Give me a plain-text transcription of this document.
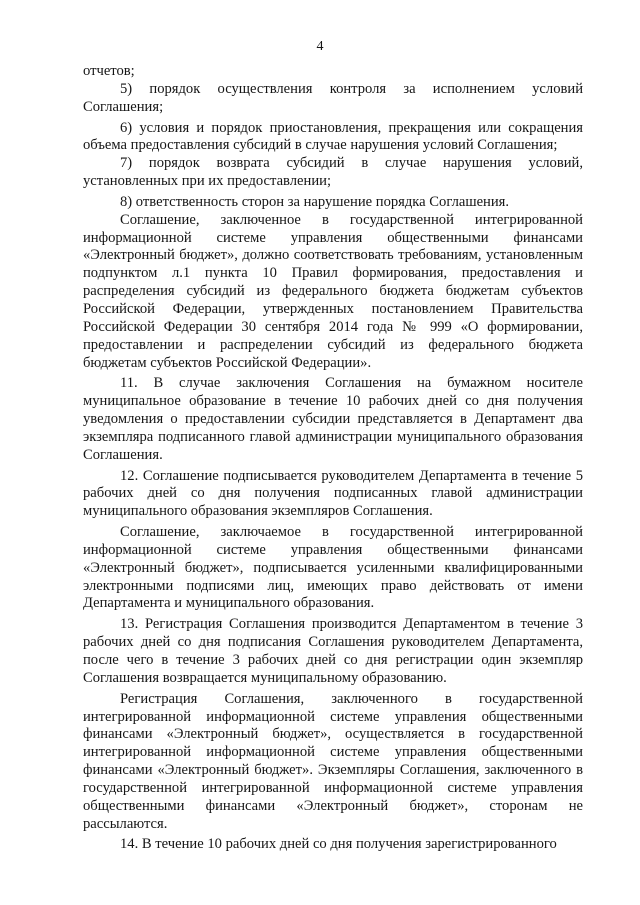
4

отчетов;

5) порядок осуществления контроля за исполнением условий Соглашения;

6) условия и порядок приостановления, прекращения или сокращения объема предоставления субсидий в случае нарушения условий Соглашения;

7) порядок возврата субсидий в случае нарушения условий, установленных при их предоставлении;

8) ответственность сторон за нарушение порядка Соглашения.

Соглашение, заключенное в государственной интегрированной информационной системе управления общественными финансами «Электронный бюджет», должно соответствовать требованиям, установленным подпунктом л.1 пункта 10 Правил формирования, предоставления и распределения субсидий из федерального бюджета бюджетам субъектов Российской Федерации, утвержденных постановлением Правительства Российской Федерации 30 сентября 2014 года № 999 «О формировании, предоставлении и распределении субсидий из федерального бюджета бюджетам субъектов Российской Федерации».

11. В случае заключения Соглашения на бумажном носителе муниципальное образование в течение 10 рабочих дней со дня получения уведомления о предоставлении субсидии представляется в Департамент два экземпляра подписанного главой администрации муниципального образования Соглашения.

12. Соглашение подписывается руководителем Департамента в течение 5 рабочих дней со дня получения подписанных главой администрации муниципального образования экземпляров Соглашения.

Соглашение, заключаемое в государственной интегрированной информационной системе управления общественными финансами «Электронный бюджет», подписывается усиленными квалифицированными электронными подписями лиц, имеющих право действовать от имени Департамента и муниципального образования.

13. Регистрация Соглашения производится Департаментом в течение 3 рабочих дней со дня подписания Соглашения руководителем Департамента, после чего в течение 3 рабочих дней со дня регистрации один экземпляр Соглашения возвращается муниципальному образованию.

Регистрация Соглашения, заключенного в государственной интегрированной информационной системе управления общественными финансами «Электронный бюджет», осуществляется в государственной интегрированной информационной системе управления общественными финансами «Электронный бюджет». Экземпляры Соглашения, заключенного в государственной интегрированной информационной системе управления общественными финансами «Электронный бюджет», сторонам не рассылаются.

14. В течение 10 рабочих дней со дня получения зарегистрированного
